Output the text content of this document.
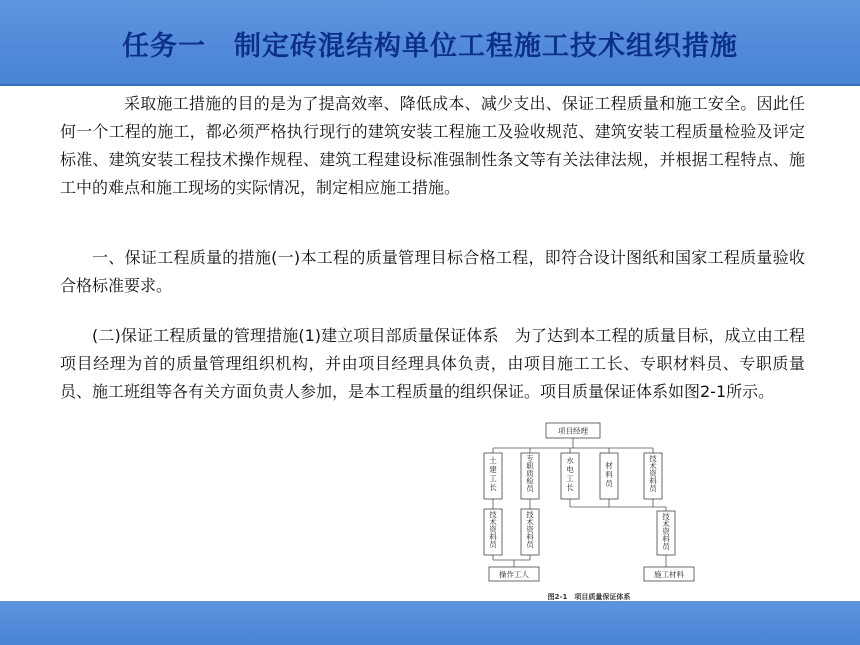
任务一　制定砖混结构单位工程施工技术组织措施

采取施工措施的目的是为了提高效率、降低成本、减少支出、保证工程质量和施工安全。因此任何一个工程的施工，都必须严格执行现行的建筑安装工程施工及验收规范、建筑安装工程质量检验及评定标准、建筑安装工程技术操作规程、建筑工程建设标准强制性条文等有关法律法规，并根据工程特点、施工中的难点和施工现场的实际情况，制定相应施工措施。

一、保证工程质量的措施(一)本工程的质量管理目标合格工程，即符合设计图纸和国家工程质量验收合格标准要求。

(二)保证工程质量的管理措施(1)建立项目部质量保证体系　为了达到本工程的质量目标，成立由工程项目经理为首的质量管理组织机构，并由项目经理具体负责，由项目施工工长、专职材料员、专职质量员、施工班组等各有关方面负责人参加，是本工程质量的组织保证。项目质量保证体系如图2-1所示。

项目经理
土
建
工
长
专
职
质
检
员
水
电
工
长
材
料
员
技
术
资
料
员
技
术
资
料
员
技
术
资
料
员
技
术
资
料
员
操作工人	施工材料
图2-1　项目质量保证体系
